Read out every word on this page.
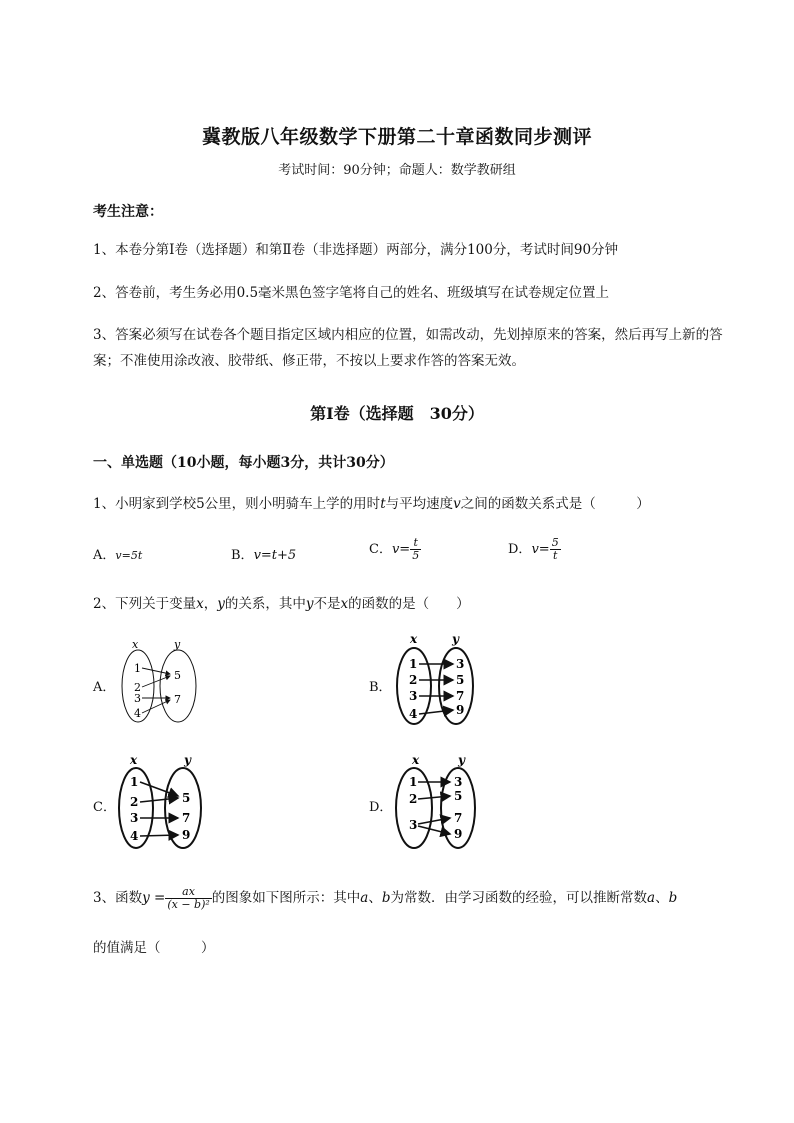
冀教版八年级数学下册第二十章函数同步测评
考试时间：90分钟；命题人：数学教研组
考生注意：
1、本卷分第Ⅰ卷（选择题）和第Ⅱ卷（非选择题）两部分，满分100分，考试时间90分钟
2、答卷前，考生务必用0.5毫米黑色签字笔将自己的姓名、班级填写在试卷规定位置上
3、答案必须写在试卷各个题目指定区域内相应的位置，如需改动，先划掉原来的答案，然后再写上新的答案；不准使用涂改液、胶带纸、修正带，不按以上要求作答的答案无效。
第Ⅰ卷（选择题　30分）
一、单选题（10小题，每小题3分，共计30分）
1、小明家到学校5公里，则小明骑车上学的用时t与平均速度v之间的函数关系式是（　　　）
A．v=5t	B．v=t+5	C．$v= \frac{t}{5}$	D．$v= \frac{5}{t}$
2、下列关于变量x，y的关系，其中y不是x的函数的是（　　）
A．	B．
C．	D．
x	y
1
2
3
4
5
7
x	y
1
2
3
4
3
5
7
9
x	y
1
2
3
4
5
7
9
x	y
1
2
3
3
5
7
9
3、函数$y = \frac{ax}{\text{(x − b)²}}$ 的图象如下图所示：其中a、b为常数．由学习函数的经验，可以推断常数a、b
的值满足（　　　）
